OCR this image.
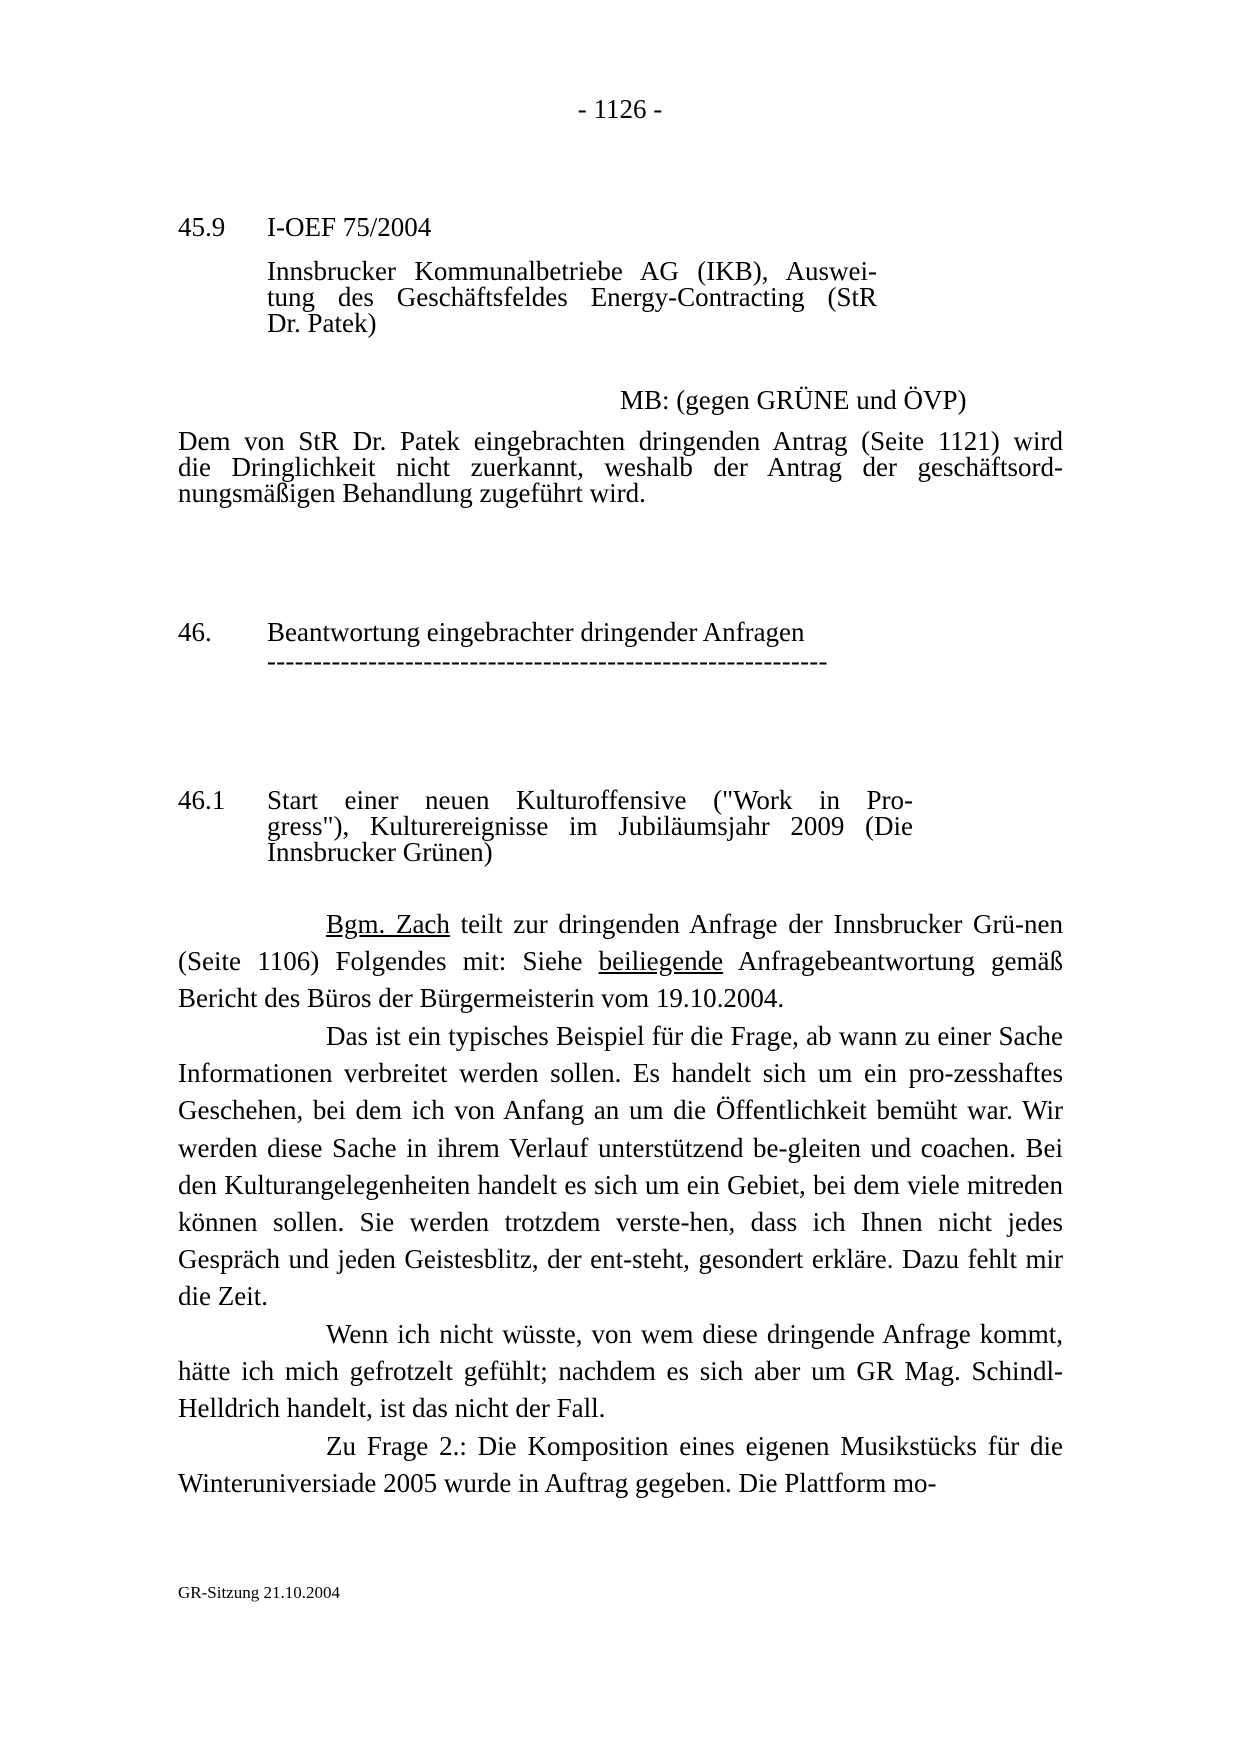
- 1126 -
45.9 I-OEF 75/2004
Innsbrucker Kommunalbetriebe AG (IKB), Auswei-
tung des Geschäftsfeldes Energy-Contracting (StR
Dr. Patek)
MB: (gegen GRÜNE und ÖVP)
Dem von StR Dr. Patek eingebrachten dringenden Antrag (Seite 1121) wird
die Dringlichkeit nicht zuerkannt, weshalb der Antrag der geschäftsord-
nungsmäßigen Behandlung zugeführt wird.
46. Beantwortung eingebrachter dringender Anfragen
-------------------------------------------------------------
46.1 Start einer neuen Kulturoffensive ("Work in Pro-
gress"), Kulturereignisse im Jubiläumsjahr 2009 (Die
Innsbrucker Grünen)
Bgm. Zach teilt zur dringenden Anfrage der Innsbrucker Grü-nen (Seite 1106) Folgendes mit: Siehe beiliegende Anfragebeantwortung gemäß Bericht des Büros der Bürgermeisterin vom 19.10.2004.
Das ist ein typisches Beispiel für die Frage, ab wann zu einer Sache Informationen verbreitet werden sollen. Es handelt sich um ein pro-zesshaftes Geschehen, bei dem ich von Anfang an um die Öffentlichkeit bemüht war. Wir werden diese Sache in ihrem Verlauf unterstützend be-gleiten und coachen. Bei den Kulturangelegenheiten handelt es sich um ein Gebiet, bei dem viele mitreden können sollen. Sie werden trotzdem verste-hen, dass ich Ihnen nicht jedes Gespräch und jeden Geistesblitz, der ent-steht, gesondert erkläre. Dazu fehlt mir die Zeit.
Wenn ich nicht wüsste, von wem diese dringende Anfrage kommt, hätte ich mich gefrotzelt gefühlt; nachdem es sich aber um GR Mag. Schindl-Helldrich handelt, ist das nicht der Fall.
Zu Frage 2.: Die Komposition eines eigenen Musikstücks für die Winteruniversiade 2005 wurde in Auftrag gegeben. Die Plattform mo-
GR-Sitzung 21.10.2004
